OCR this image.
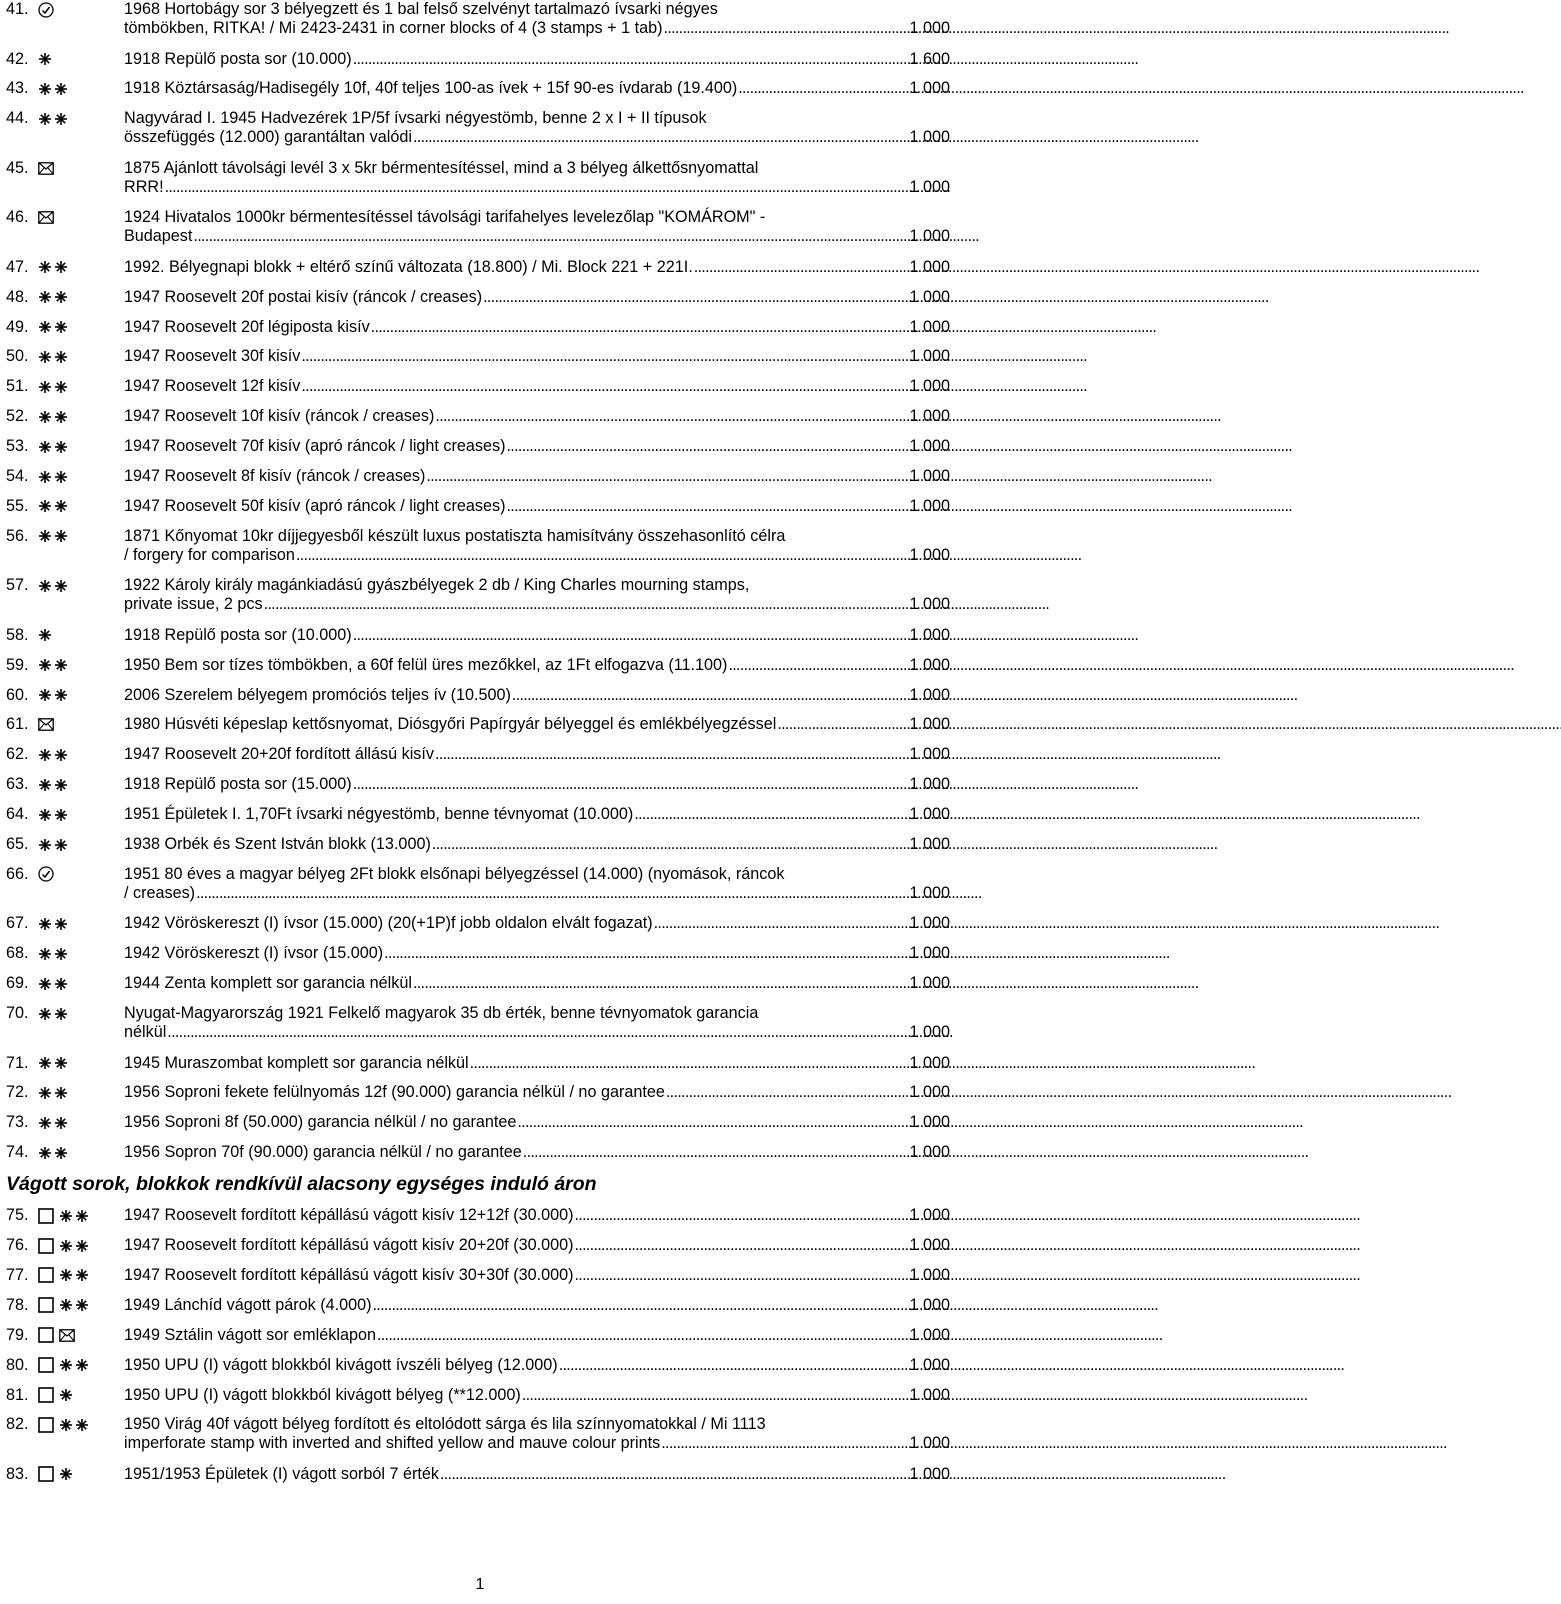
41.	1968 Hortobágy sor 3 bélyegzett és 1 bal felső szelvényt tartalmazó ívsarki négyes
tömbökben, RITKA! / Mi 2423-2431 in corner blocks of 4 (3 stamps + 1 tab) . . .	1 000
42.	1918 Repülő posta sor (10.000) . . .	1 600
43.	1918 Köztársaság/Hadisegély 10f, 40f teljes 100-as ívek + 15f 90-es ívdarab (19.400) . . .	1 000
44.	Nagyvárad I. 1945 Hadvezérek 1P/5f ívsarki négyestömb, benne 2 x I + II típusok
összefüggés (12.000) garantáltan valódi . . .	1 000
45.	1875 Ajánlott távolsági levél 3 x 5kr bérmentesítéssel, mind a 3 bélyeg álkettősnyomattal
RRR! . . .	1 000
46.	1924 Hivatalos 1000kr bérmentesítéssel távolsági tarifahelyes levelezőlap "KOMÁROM" -
Budapest . . .	1 000
47.	1992. Bélyegnapi blokk + eltérő színű változata (18.800) / Mi. Block 221 + 221I. . . .	1 000
48.	1947 Roosevelt 20f postai kisív (ráncok / creases) . . .	1 000
49.	1947 Roosevelt 20f légiposta kisív . . .	1 000
50.	1947 Roosevelt 30f kisív . . .	1 000
51.	1947 Roosevelt 12f kisív . . .	1 000
52.	1947 Roosevelt 10f kisív (ráncok / creases) . . .	1 000
53.	1947 Roosevelt 70f kisív (apró ráncok / light creases) . . .	1 000
54.	1947 Roosevelt 8f kisív (ráncok / creases) . . .	1 000
55.	1947 Roosevelt 50f kisív (apró ráncok / light creases) . . .	1 000
56.	1871 Kőnyomat 10kr díjjegyesből készült luxus postatiszta hamisítvány összehasonlító célra
/ forgery for comparison . . .	1 000
57.	1922 Károly király magánkiadású gyászbélyegek 2 db / King Charles mourning stamps,
private issue, 2 pcs . . .	1 000
58.	1918 Repülő posta sor (10.000) . . .	1 000
59.	1950 Bem sor tízes tömbökben, a 60f felül üres mezőkkel, az 1Ft elfogazva (11.100) . . .	1 000
60.	2006 Szerelem bélyegem promóciós teljes ív (10.500) . . .	1 000
61.	1980 Húsvéti képeslap kettősnyomat, Diósgyőri Papírgyár bélyeggel és emlékbélyegzéssel . . .	1 000
62.	1947 Roosevelt 20+20f fordított állású kisív . . .	1 000
63.	1918 Repülő posta sor (15.000) . . .	1 000
64.	1951 Épületek I. 1,70Ft ívsarki négyestömb, benne tévnyomat (10.000) . . .	1 000
65.	1938 Orbék és Szent István blokk (13.000) . . .	1 000
66.	1951 80 éves a magyar bélyeg 2Ft blokk elsőnapi bélyegzéssel (14.000) (nyomások, ráncok
/ creases) . . .	1 000
67.	1942 Vöröskereszt (I) ívsor (15.000) (20(+1P)f jobb oldalon elvált fogazat) . . .	1 000
68.	1942 Vöröskereszt (I) ívsor (15.000) . . .	1 000
69.	1944 Zenta komplett sor garancia nélkül . . .	1 000
70.	Nyugat-Magyarország 1921 Felkelő magyarok 35 db érték, benne tévnyomatok garancia
nélkül . . .	1 000
71.	1945 Muraszombat komplett sor garancia nélkül . . .	1 000
72.	1956 Soproni fekete felülnyomás 12f (90.000) garancia nélkül / no garantee . . .	1 000
73.	1956 Soproni 8f (50.000) garancia nélkül / no garantee . . .	1 000
74.	1956 Sopron 70f (90.000) garancia nélkül / no garantee . . .	1 000
Vágott sorok, blokkok rendkívül alacsony egységes induló áron
75.	1947 Roosevelt fordított képállású vágott kisív 12+12f (30.000) . . .	1 000
76.	1947 Roosevelt fordított képállású vágott kisív 20+20f (30.000) . . .	1 000
77.	1947 Roosevelt fordított képállású vágott kisív 30+30f (30.000) . . .	1 000
78.	1949 Lánchíd vágott párok (4.000) . . .	1 000
79.	1949 Sztálin vágott sor emléklapon . . .	1 000
80.	1950 UPU (I) vágott blokkból kivágott ívszéli bélyeg (12.000) . . .	1 000
81.	1950 UPU (I) vágott blokkból kivágott bélyeg (**12.000) . . .	1 000
82.	1950 Virág 40f vágott bélyeg fordított és eltolódott sárga és lila színnyomatokkal / Mi 1113
imperforate stamp with inverted and shifted yellow and mauve colour prints . . .	1 000
83.	1951/1953 Épületek (I) vágott sorból 7 érték . . .	1 000
1
